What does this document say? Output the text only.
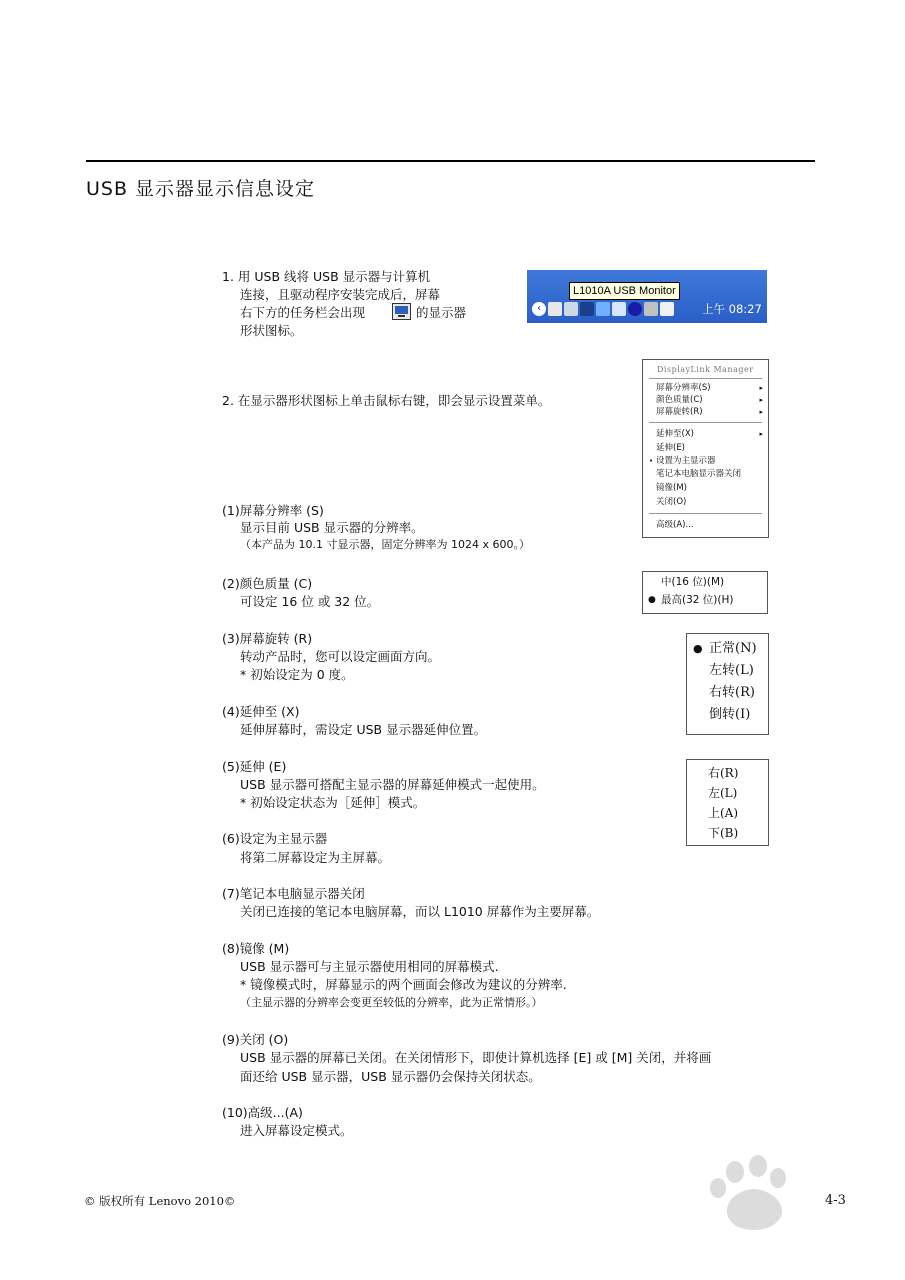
USB 显示器显示信息设定
1. 用 USB 线将 USB 显示器与计算机
连接，且驱动程序安装完成后，屏幕
右下方的任务栏会出现	的显示器
形状图标。
L1010A USB Monitor
‹	上午 08:27
2. 在显示器形状图标上单击鼠标右键，即会显示设置菜单。
DisplayLink Manager
屏幕分辨率(S)	▸
颜色质量(C)	▸
屏幕旋转(R)	▸
延伸至(X)	▸
延伸(E)
• 设置为主显示器
笔记本电脑显示器关闭
镜像(M)
关闭(O)
高级(A)...
(1)屏幕分辨率 (S)
显示目前 USB 显示器的分辨率。
（本产品为 10.1 寸显示器，固定分辨率为 1024 x 600。）
(2)颜色质量 (C)
可设定 16 位 或 32 位。
中(16 位)(M)
● 最高(32 位)(H)
(3)屏幕旋转 (R)
转动产品时，您可以设定画面方向。
* 初始设定为 0 度。
● 正常(N)
左转(L)
右转(R)
倒转(I)
(4)延伸至 (X)
延伸屏幕时，需设定 USB 显示器延伸位置。
(5)延伸 (E)
USB 显示器可搭配主显示器的屏幕延伸模式一起使用。
* 初始设定状态为［延伸］模式。
右(R)
左(L)
上(A)
下(B)
(6)设定为主显示器
将第二屏幕设定为主屏幕。
(7)笔记本电脑显示器关闭
关闭已连接的笔记本电脑屏幕，而以 L1010 屏幕作为主要屏幕。
(8)镜像 (M)
USB 显示器可与主显示器使用相同的屏幕模式.
* 镜像模式时，屏幕显示的两个画面会修改为建议的分辨率.
（主显示器的分辨率会变更至较低的分辨率，此为正常情形。）
(9)关闭 (O)
USB 显示器的屏幕已关闭。在关闭情形下，即使计算机选择 [E] 或 [M] 关闭，并将画
面还给 USB 显示器，USB 显示器仍会保持关闭状态。
(10)高级...(A)
进入屏幕设定模式。
© 版权所有 Lenovo 2010©	4-3
